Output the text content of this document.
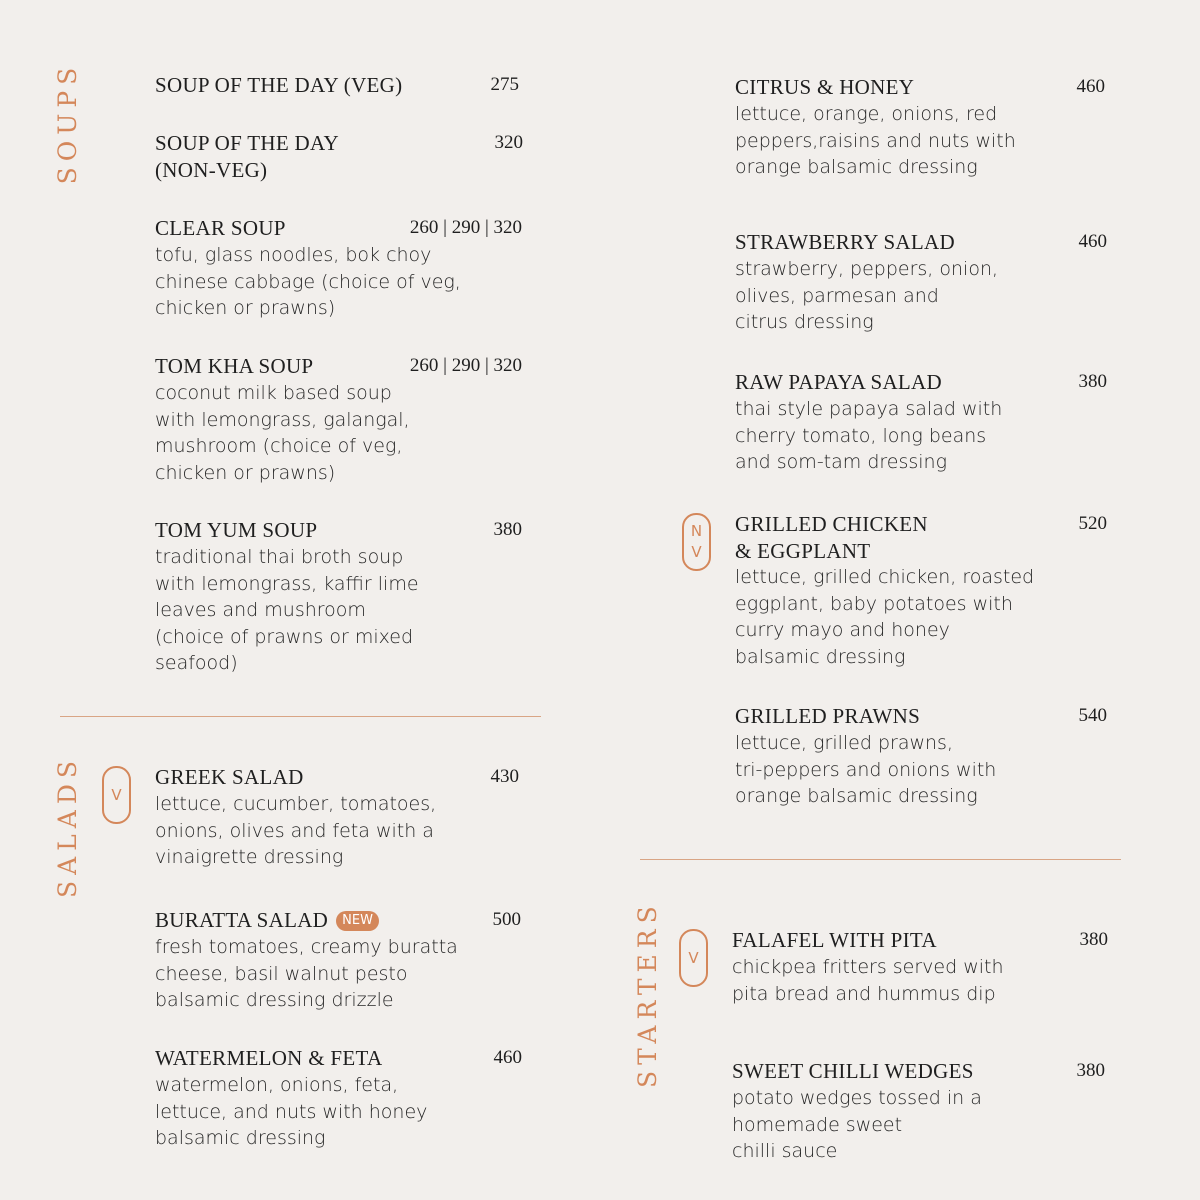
SOUPS
SALADS
STARTERS
V
N
V
V
SOUP OF THE DAY (VEG)	275
SOUP OF THE DAY	320
(NON-VEG)
CLEAR SOUP	260 | 290 | 320
tofu, glass noodles, bok choy
chinese cabbage (choice of veg,
chicken or prawns)
TOM KHA SOUP	260 | 290 | 320
coconut milk based soup
with lemongrass, galangal,
mushroom (choice of veg,
chicken or prawns)
TOM YUM SOUP	380
traditional thai broth soup
with lemongrass, kaffir lime
leaves and mushroom
(choice of prawns or mixed
seafood)
GREEK SALAD	430
lettuce, cucumber, tomatoes,
onions, olives and feta with a
vinaigrette dressing
BURATTA SALAD NEW	500
fresh tomatoes, creamy buratta
cheese, basil walnut pesto
balsamic dressing drizzle
WATERMELON & FETA	460
watermelon, onions, feta,
lettuce, and nuts with honey
balsamic dressing
CITRUS & HONEY	460
lettuce, orange, onions, red
peppers,raisins and nuts with
orange balsamic dressing
STRAWBERRY SALAD	460
strawberry, peppers, onion,
olives, parmesan and
citrus dressing
RAW PAPAYA SALAD	380
thai style papaya salad with
cherry tomato, long beans
and som-tam dressing
GRILLED CHICKEN	520
& EGGPLANT
lettuce, grilled chicken, roasted
eggplant, baby potatoes with
curry mayo and honey
balsamic dressing
GRILLED PRAWNS	540
lettuce, grilled prawns,
tri-peppers and onions with
orange balsamic dressing
FALAFEL WITH PITA	380
chickpea fritters served with
pita bread and hummus dip
SWEET CHILLI WEDGES	380
potato wedges tossed in a
homemade sweet
chilli sauce
